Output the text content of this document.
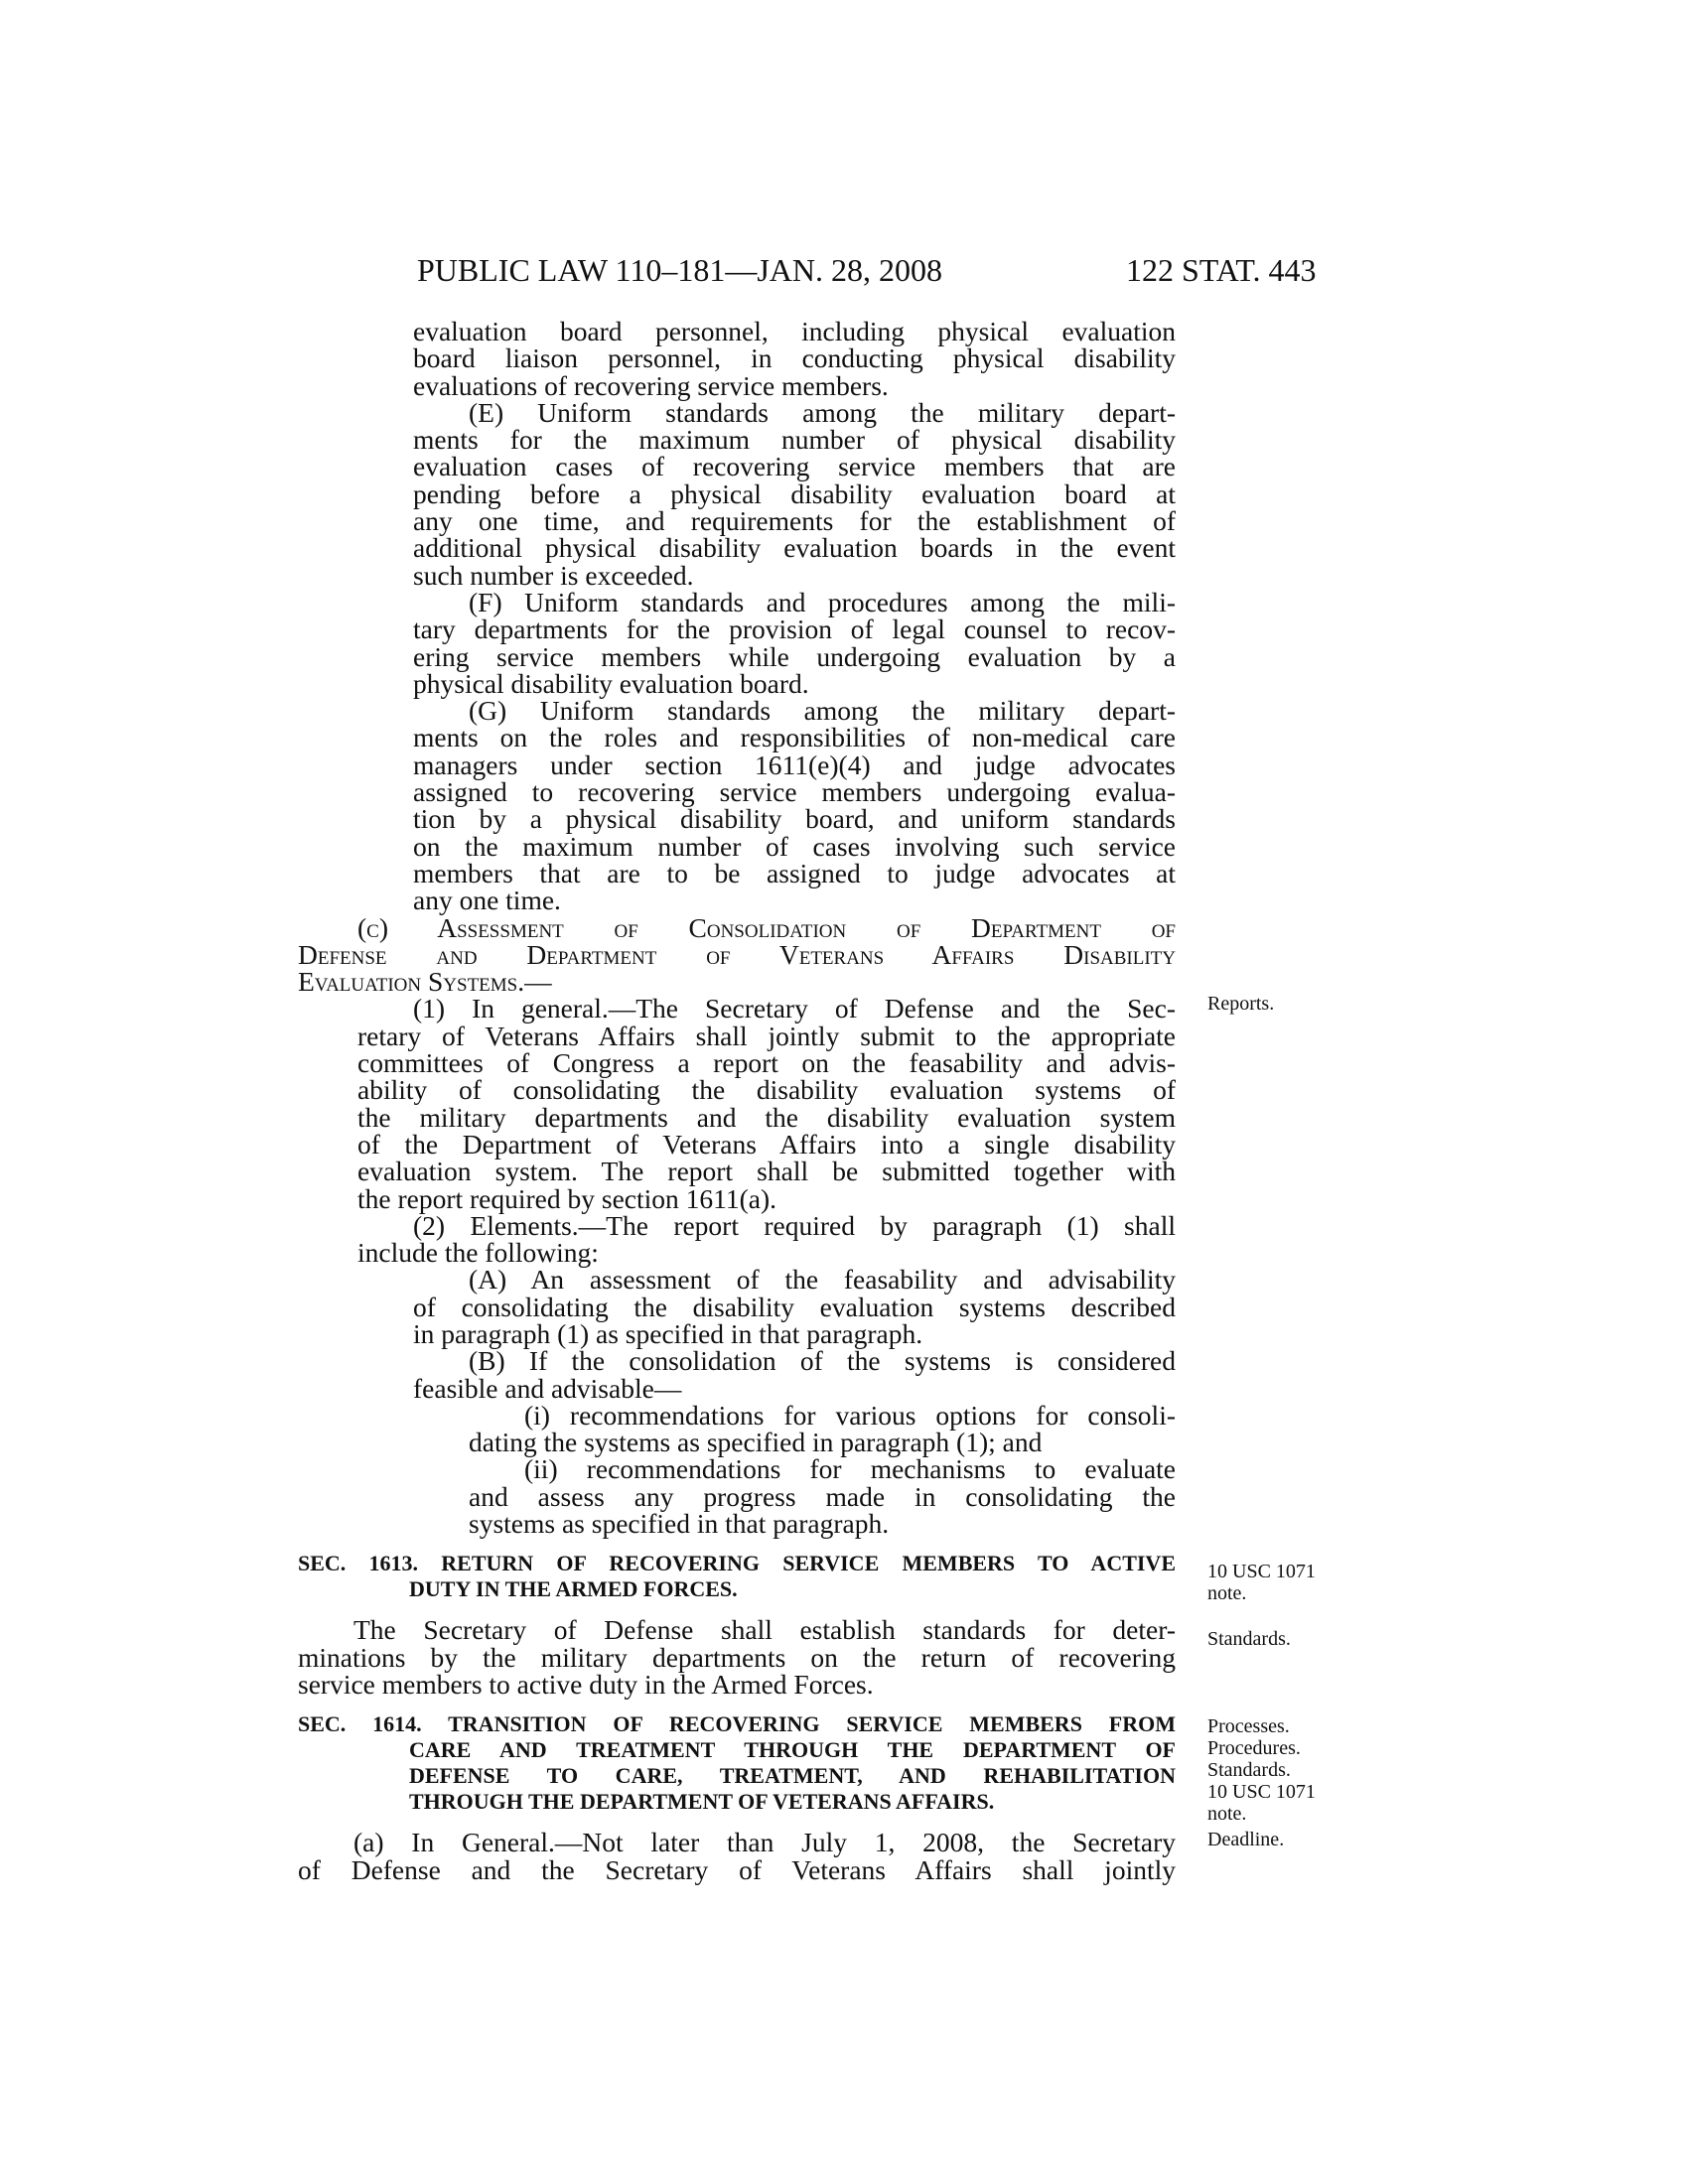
PUBLIC LAW 110–181—JAN. 28, 2008	122 STAT. 443

evaluation board personnel, including physical evaluation

board liaison personnel, in conducting physical disability

evaluations of recovering service members.

(E) Uniform standards among the military depart-

ments for the maximum number of physical disability

evaluation cases of recovering service members that are

pending before a physical disability evaluation board at

any one time, and requirements for the establishment of

additional physical disability evaluation boards in the event

such number is exceeded.

(F) Uniform standards and procedures among the mili-

tary departments for the provision of legal counsel to recov-

ering service members while undergoing evaluation by a

physical disability evaluation board.

(G) Uniform standards among the military depart-

ments on the roles and responsibilities of non-medical care

managers under section 1611(e)(4) and judge advocates

assigned to recovering service members undergoing evalua-

tion by a physical disability board, and uniform standards

on the maximum number of cases involving such service

members that are to be assigned to judge advocates at

any one time.

(c) Assessment of Consolidation of Department of

Defense and Department of Veterans Affairs Disability

Evaluation Systems.—

(1) In general.—The Secretary of Defense and the Sec-

retary of Veterans Affairs shall jointly submit to the appropriate

committees of Congress a report on the feasability and advis-

ability of consolidating the disability evaluation systems of

the military departments and the disability evaluation system

of the Department of Veterans Affairs into a single disability

evaluation system. The report shall be submitted together with

the report required by section 1611(a).

(2) Elements.—The report required by paragraph (1) shall

include the following:

(A) An assessment of the feasability and advisability

of consolidating the disability evaluation systems described

in paragraph (1) as specified in that paragraph.

(B) If the consolidation of the systems is considered

feasible and advisable—

(i) recommendations for various options for consoli-

dating the systems as specified in paragraph (1); and

(ii) recommendations for mechanisms to evaluate

and assess any progress made in consolidating the

systems as specified in that paragraph.

SEC. 1613. RETURN OF RECOVERING SERVICE MEMBERS TO ACTIVE

DUTY IN THE ARMED FORCES.

The Secretary of Defense shall establish standards for deter-

minations by the military departments on the return of recovering

service members to active duty in the Armed Forces.

SEC. 1614. TRANSITION OF RECOVERING SERVICE MEMBERS FROM

CARE AND TREATMENT THROUGH THE DEPARTMENT OF

DEFENSE TO CARE, TREATMENT, AND REHABILITATION

THROUGH THE DEPARTMENT OF VETERANS AFFAIRS.

(a) In General.—Not later than July 1, 2008, the Secretary

of Defense and the Secretary of Veterans Affairs shall jointly

Reports.
10 USC 1071
note.
Standards.
Processes.
Procedures.
Standards.
10 USC 1071
note.
Deadline.
